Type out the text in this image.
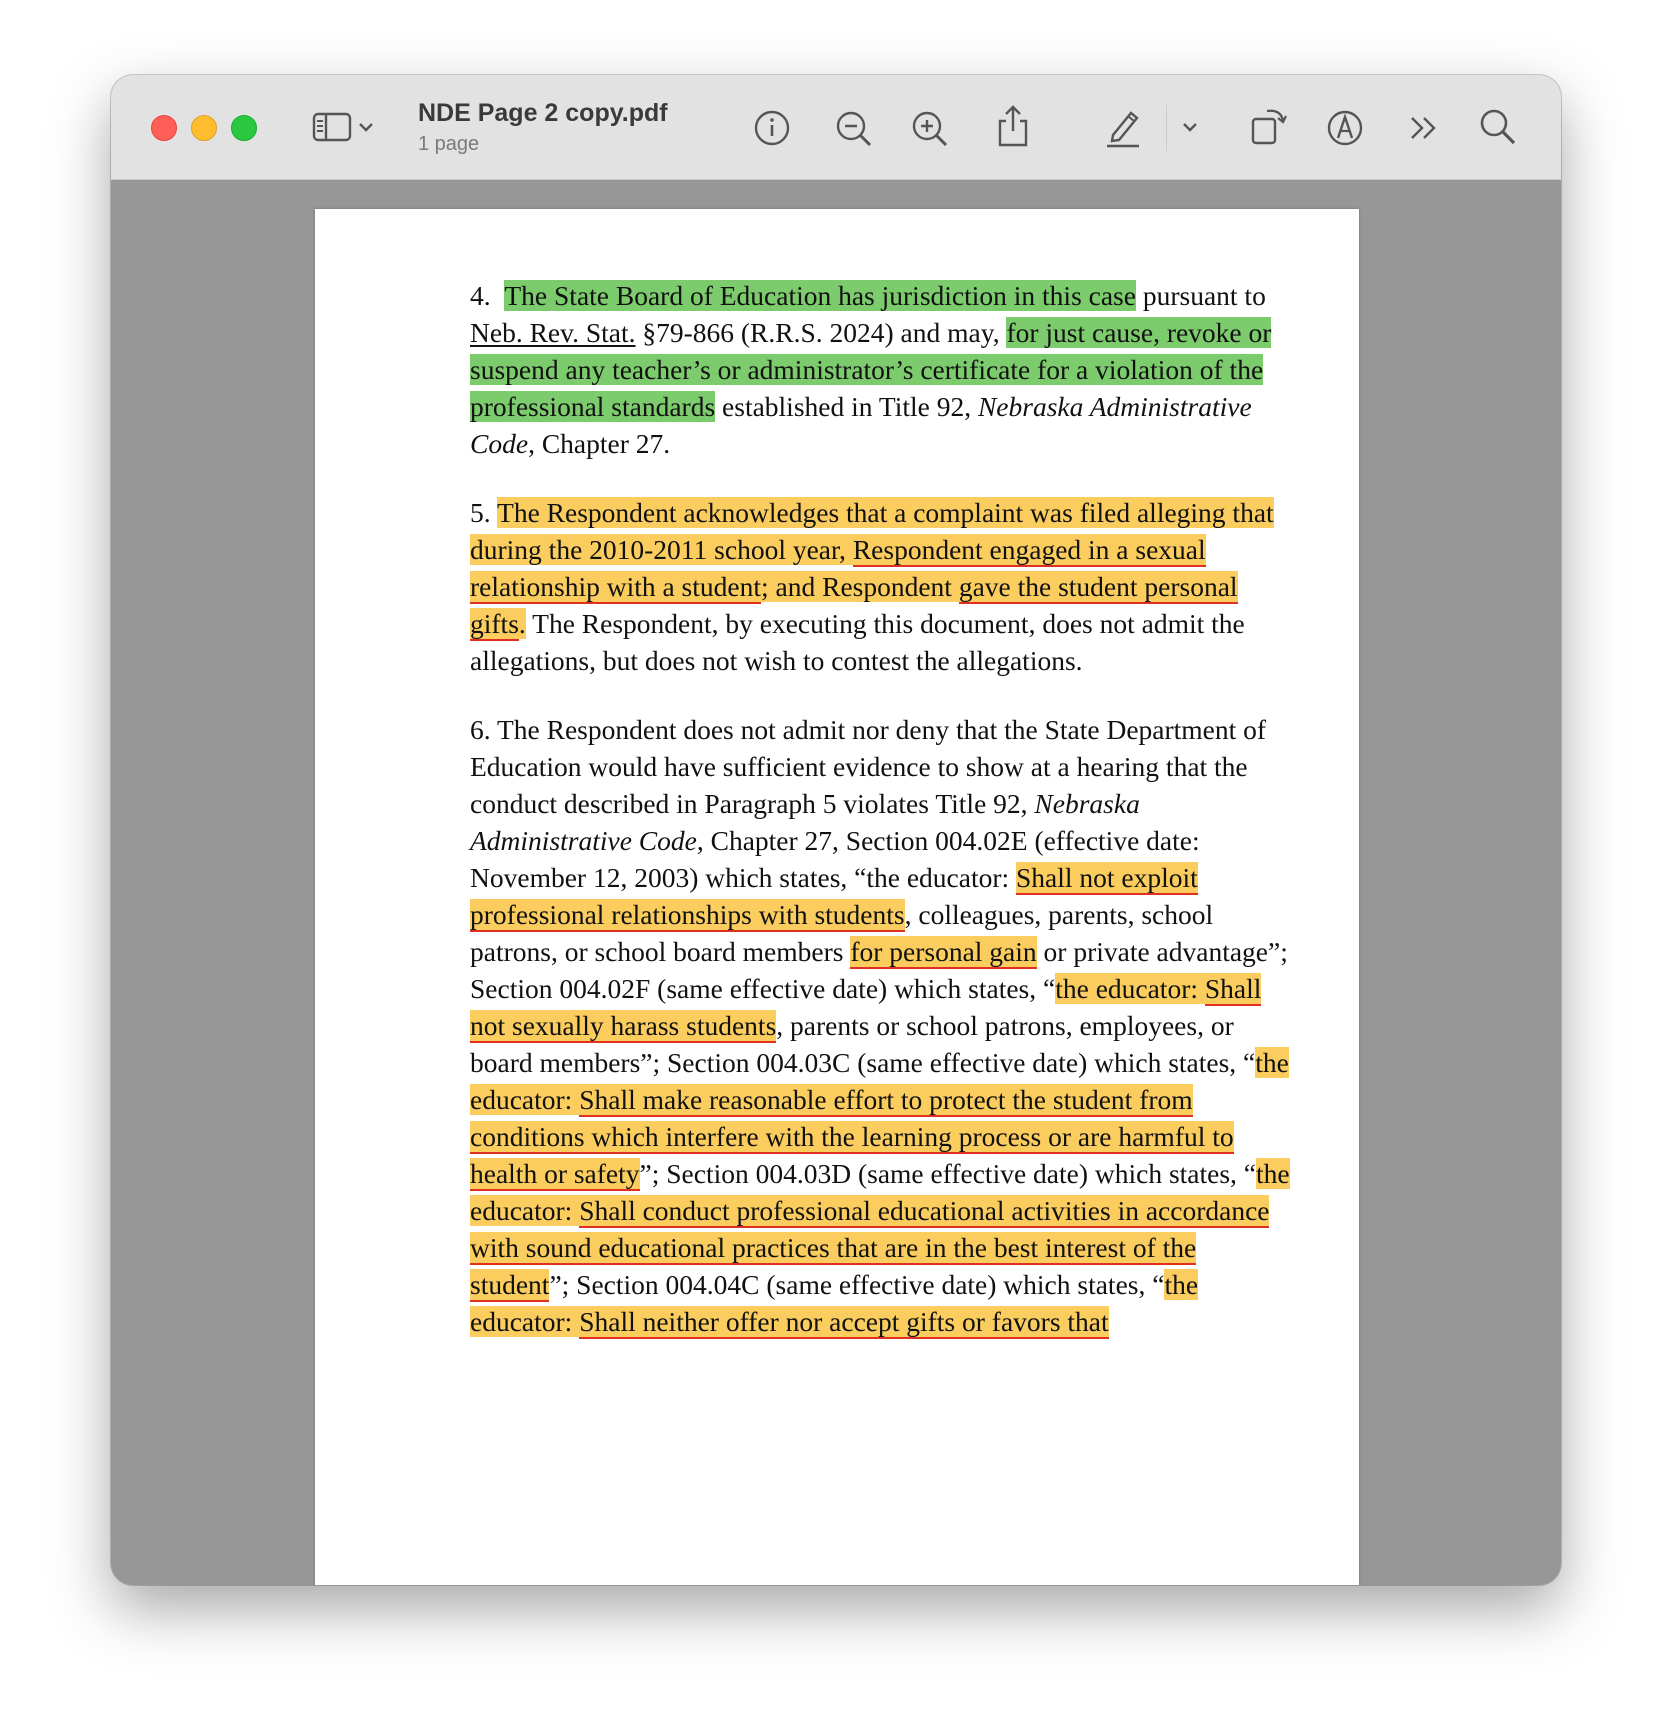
NDE Page 2 copy.pdf
1 page

4. The State Board of Education has jurisdiction in this case pursuant to Neb. Rev. Stat. §79-866 (R.R.S. 2024) and may, for just cause, revoke or suspend any teacher’s or administrator’s certificate for a violation of the professional standards established in Title 92, Nebraska Administrative Code, Chapter 27.

5. The Respondent acknowledges that a complaint was filed alleging that during the 2010-2011 school year, Respondent engaged in a sexual relationship with a student; and Respondent gave the student personal gifts. The Respondent, by executing this document, does not admit the allegations, but does not wish to contest the allegations.

6. The Respondent does not admit nor deny that the State Department of Education would have sufficient evidence to show at a hearing that the conduct described in Paragraph 5 violates Title 92, Nebraska Administrative Code, Chapter 27, Section 004.02E (effective date: November 12, 2003) which states, “the educator: Shall not exploit professional relationships with students, colleagues, parents, school patrons, or school board members for personal gain or private advantage”; Section 004.02F (same effective date) which states, “the educator: Shall not sexually harass students, parents or school patrons, employees, or board members”; Section 004.03C (same effective date) which states, “the educator: Shall make reasonable effort to protect the student from conditions which interfere with the learning process or are harmful to health or safety”; Section 004.03D (same effective date) which states, “the educator: Shall conduct professional educational activities in accordance with sound educational practices that are in the best interest of the student”; Section 004.04C (same effective date) which states, “the educator: Shall neither offer nor accept gifts or favors that
